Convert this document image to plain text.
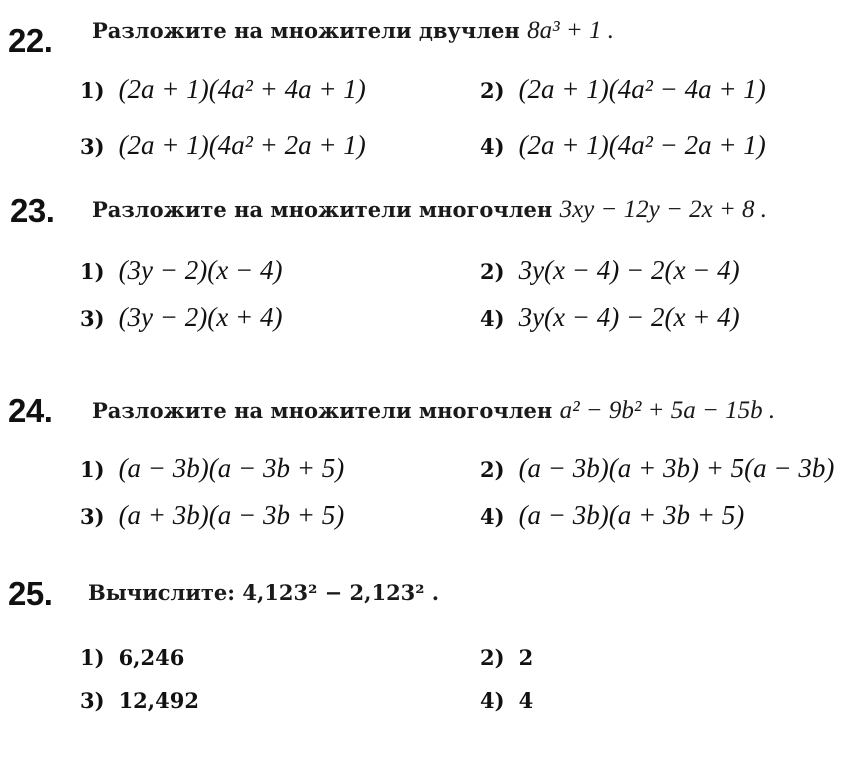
22. Разложите на множители двучлен 8a³ + 1 .
1) (2a + 1)(4a² + 4a + 1)	2) (2a + 1)(4a² − 4a + 1)
3) (2a + 1)(4a² + 2a + 1)	4) (2a + 1)(4a² − 2a + 1)
23. Разложите на множители многочлен 3xy − 12y − 2x + 8 .
1) (3y − 2)(x − 4)	2) 3y(x − 4) − 2(x − 4)
3) (3y − 2)(x + 4)	4) 3y(x − 4) − 2(x + 4)
24. Разложите на множители многочлен a² − 9b² + 5a − 15b .
1) (a − 3b)(a − 3b + 5)	2) (a − 3b)(a + 3b) + 5(a − 3b)
3) (a + 3b)(a − 3b + 5)	4) (a − 3b)(a + 3b + 5)
25. Вычислите: 4,123² − 2,123² .
1) 6,246	2) 2
3) 12,492	4) 4
